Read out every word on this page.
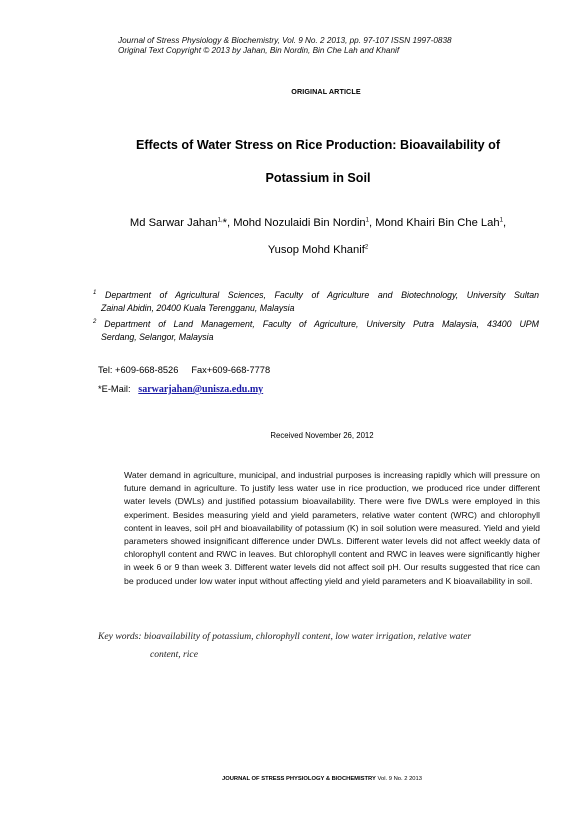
Journal of Stress Physiology & Biochemistry, Vol. 9 No. 2 2013, pp. 97-107 ISSN 1997-0838
Original Text Copyright © 2013 by Jahan, Bin Nordin, Bin Che Lah and Khanif
ORIGINAL ARTICLE
Effects of Water Stress on Rice Production: Bioavailability of
Potassium in Soil
Md Sarwar Jahan$^{1,}$*, Mohd Nozulaidi Bin Nordin$^1$, Mond Khairi Bin Che Lah$^1$,
Yusop Mohd Khanif$^2$
$^1$ Department of Agricultural Sciences, Faculty of Agriculture and Biotechnology, University Sultan
Zainal Abidin, 20400 Kuala Terengganu, Malaysia
$^2$ Department of Land Management, Faculty of Agriculture, University Putra Malaysia, 43400 UPM
Serdang, Selangor, Malaysia
Tel: +609-668-8526 Fax+609-668-7778
*E-Mail: sarwarjahan@unisza.edu.my
Received November 26, 2012
Water demand in agriculture, municipal, and industrial purposes is increasing rapidly which will pressure on future demand in agriculture. To justify less water use in rice production, we produced rice under different water levels (DWLs) and justified potassium bioavailability. There were five DWLs were employed in this experiment. Besides measuring yield and yield parameters, relative water content (WRC) and chlorophyll content in leaves, soil pH and bioavailability of potassium (K) in soil solution were measured. Yield and yield parameters showed insignificant difference under DWLs. Different water levels did not affect weekly data of chlorophyll content and RWC in leaves. But chlorophyll content and RWC in leaves were significantly higher in week 6 or 9 than week 3. Different water levels did not affect soil pH. Our results suggested that rice can be produced under low water input without affecting yield and yield parameters and K bioavailability in soil.
Key words: bioavailability of potassium, chlorophyll content, low water irrigation, relative water
content, rice
JOURNAL OF STRESS PHYSIOLOGY & BIOCHEMISTRY Vol. 9 No. 2 2013
